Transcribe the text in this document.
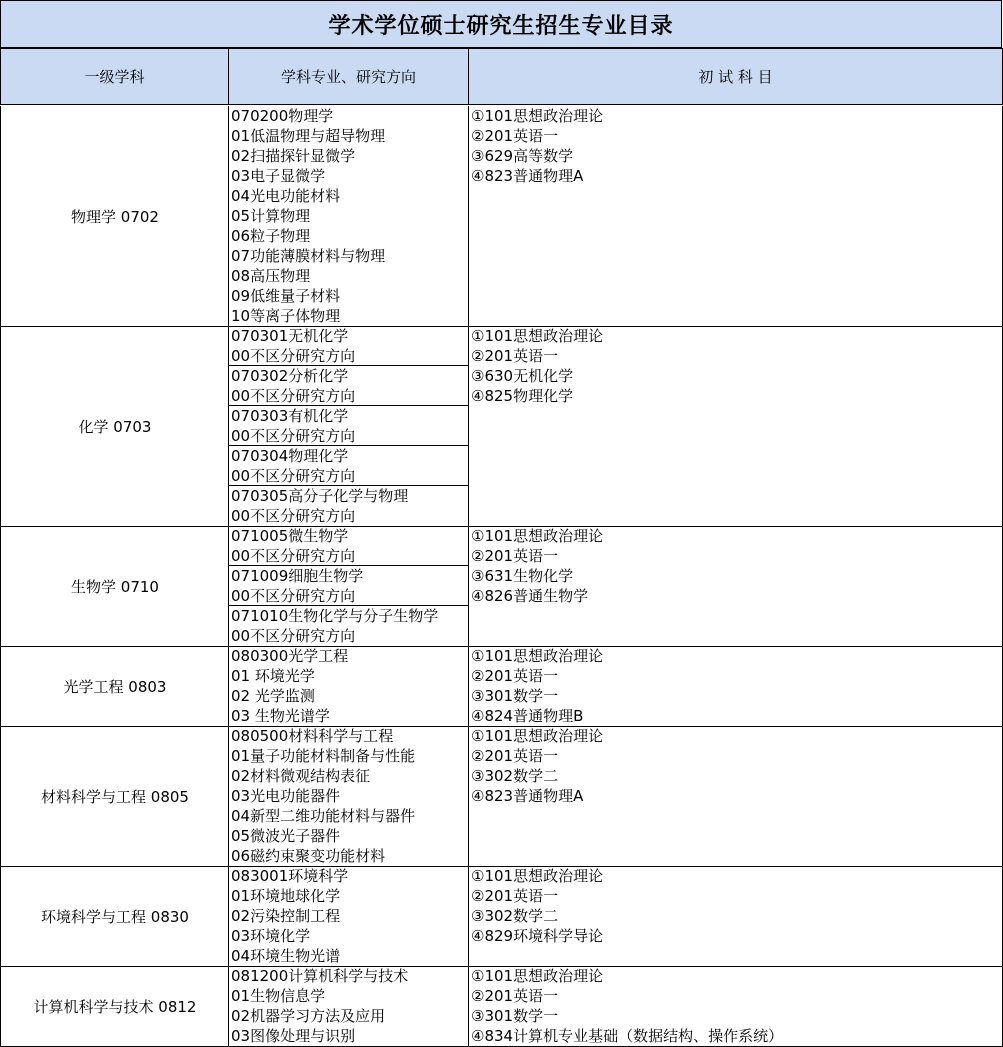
学术学位硕士研究生招生专业目录
一级学科	学科专业、研究方向	初 试 科 目
物理学 0702
070200物理学
01低温物理与超导物理
02扫描探针显微学
03电子显微学
04光电功能材料
05计算物理
06粒子物理
07功能薄膜材料与物理
08高压物理
09低维量子材料
10等离子体物理
①101思想政治理论
②201英语一
③629高等数学
④823普通物理A
化学 0703
070301无机化学
00不区分研究方向
070302分析化学
00不区分研究方向
070303有机化学
00不区分研究方向
070304物理化学
00不区分研究方向
070305高分子化学与物理
00不区分研究方向
①101思想政治理论
②201英语一
③630无机化学
④825物理化学
生物学 0710
071005微生物学
00不区分研究方向
071009细胞生物学
00不区分研究方向
071010生物化学与分子生物学
00不区分研究方向
①101思想政治理论
②201英语一
③631生物化学
④826普通生物学
光学工程 0803
080300光学工程
01 环境光学
02 光学监测
03 生物光谱学
①101思想政治理论
②201英语一
③301数学一
④824普通物理B
材料科学与工程 0805
080500材料科学与工程
01量子功能材料制备与性能
02材料微观结构表征
03光电功能器件
04新型二维功能材料与器件
05微波光子器件
06磁约束聚变功能材料
①101思想政治理论
②201英语一
③302数学二
④823普通物理A
环境科学与工程 0830
083001环境科学
01环境地球化学
02污染控制工程
03环境化学
04环境生物光谱
①101思想政治理论
②201英语一
③302数学二
④829环境科学导论
计算机科学与技术 0812
081200计算机科学与技术
01生物信息学
02机器学习方法及应用
03图像处理与识别
①101思想政治理论
②201英语一
③301数学一
④834计算机专业基础（数据结构、操作系统）
